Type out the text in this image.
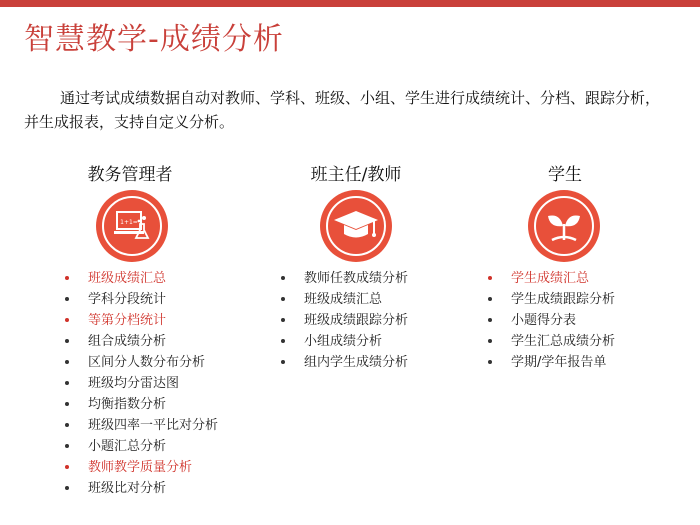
智慧教学-成绩分析
通过考试成绩数据自动对教师、学科、班级、小组、学生进行成绩统计、分档、跟踪分析，并生成报表，支持自定义分析。
教务管理者
1+1=
班级成绩汇总
学科分段统计
等第分档统计
组合成绩分析
区间分人数分布分析
班级均分雷达图
均衡指数分析
班级四率一平比对分析
小题汇总分析
教师教学质量分析
班级比对分析
班主任/教师
教师任教成绩分析
班级成绩汇总
班级成绩跟踪分析
小组成绩分析
组内学生成绩分析
学生
学生成绩汇总
学生成绩跟踪分析
小题得分表
学生汇总成绩分析
学期/学年报告单
